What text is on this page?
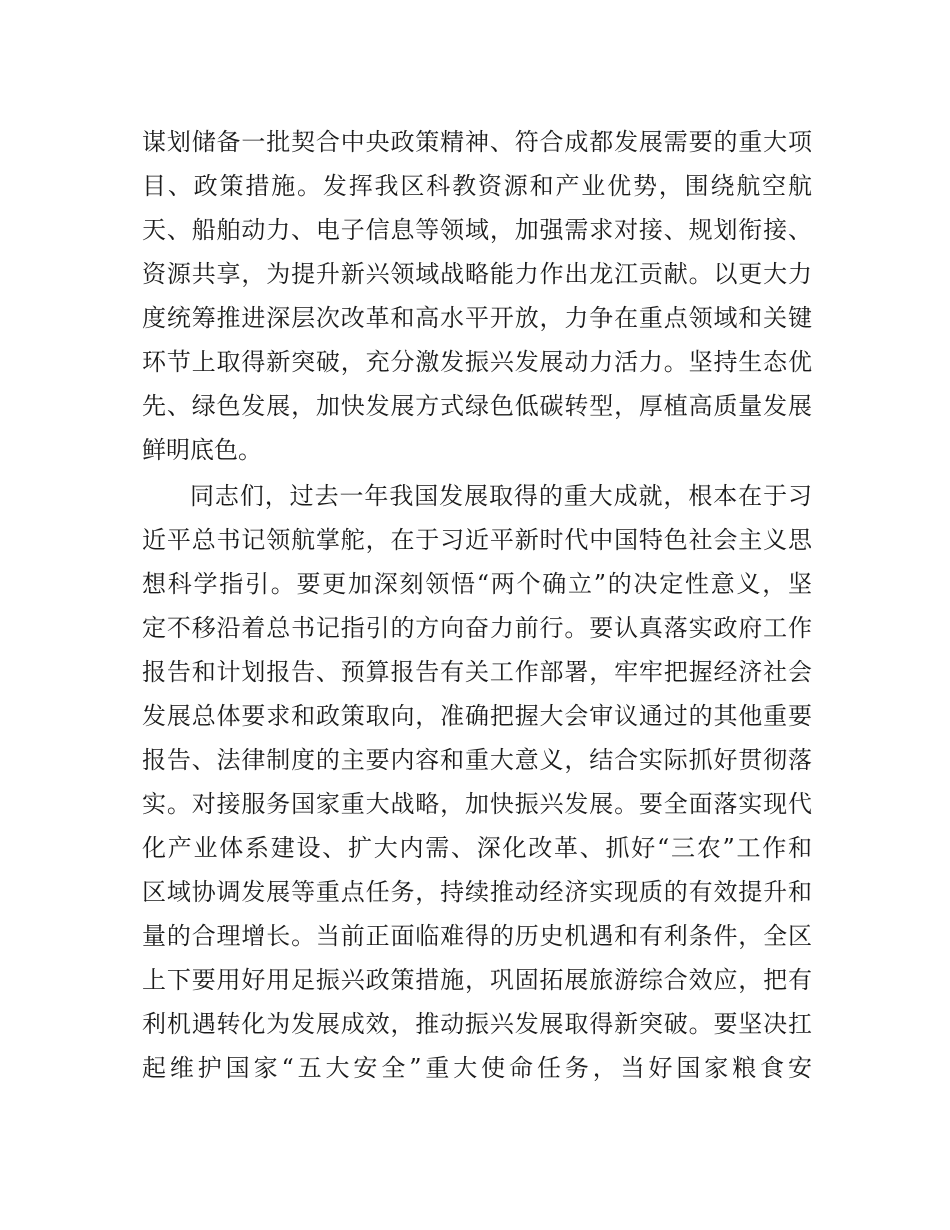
谋划储备一批契合中央政策精神、符合成都发展需要的重大项
目、政策措施。发挥我区科教资源和产业优势，围绕航空航
天、船舶动力、电子信息等领域，加强需求对接、规划衔接、
资源共享，为提升新兴领域战略能力作出龙江贡献。以更大力
度统筹推进深层次改革和高水平开放，力争在重点领域和关键
环节上取得新突破，充分激发振兴发展动力活力。坚持生态优
先、绿色发展，加快发展方式绿色低碳转型，厚植高质量发展
鲜明底色。
同志们，过去一年我国发展取得的重大成就，根本在于习
近平总书记领航掌舵，在于习近平新时代中国特色社会主义思
想科学指引。要更加深刻领悟“两个确立”的决定性意义，坚
定不移沿着总书记指引的方向奋力前行。要认真落实政府工作
报告和计划报告、预算报告有关工作部署，牢牢把握经济社会
发展总体要求和政策取向，准确把握大会审议通过的其他重要
报告、法律制度的主要内容和重大意义，结合实际抓好贯彻落
实。对接服务国家重大战略，加快振兴发展。要全面落实现代
化产业体系建设、扩大内需、深化改革、抓好“三农”工作和
区域协调发展等重点任务，持续推动经济实现质的有效提升和
量的合理增长。当前正面临难得的历史机遇和有利条件，全区
上下要用好用足振兴政策措施，巩固拓展旅游综合效应，把有
利机遇转化为发展成效，推动振兴发展取得新突破。要坚决扛
起维护国家“五大安全”重大使命任务，当好国家粮食安
